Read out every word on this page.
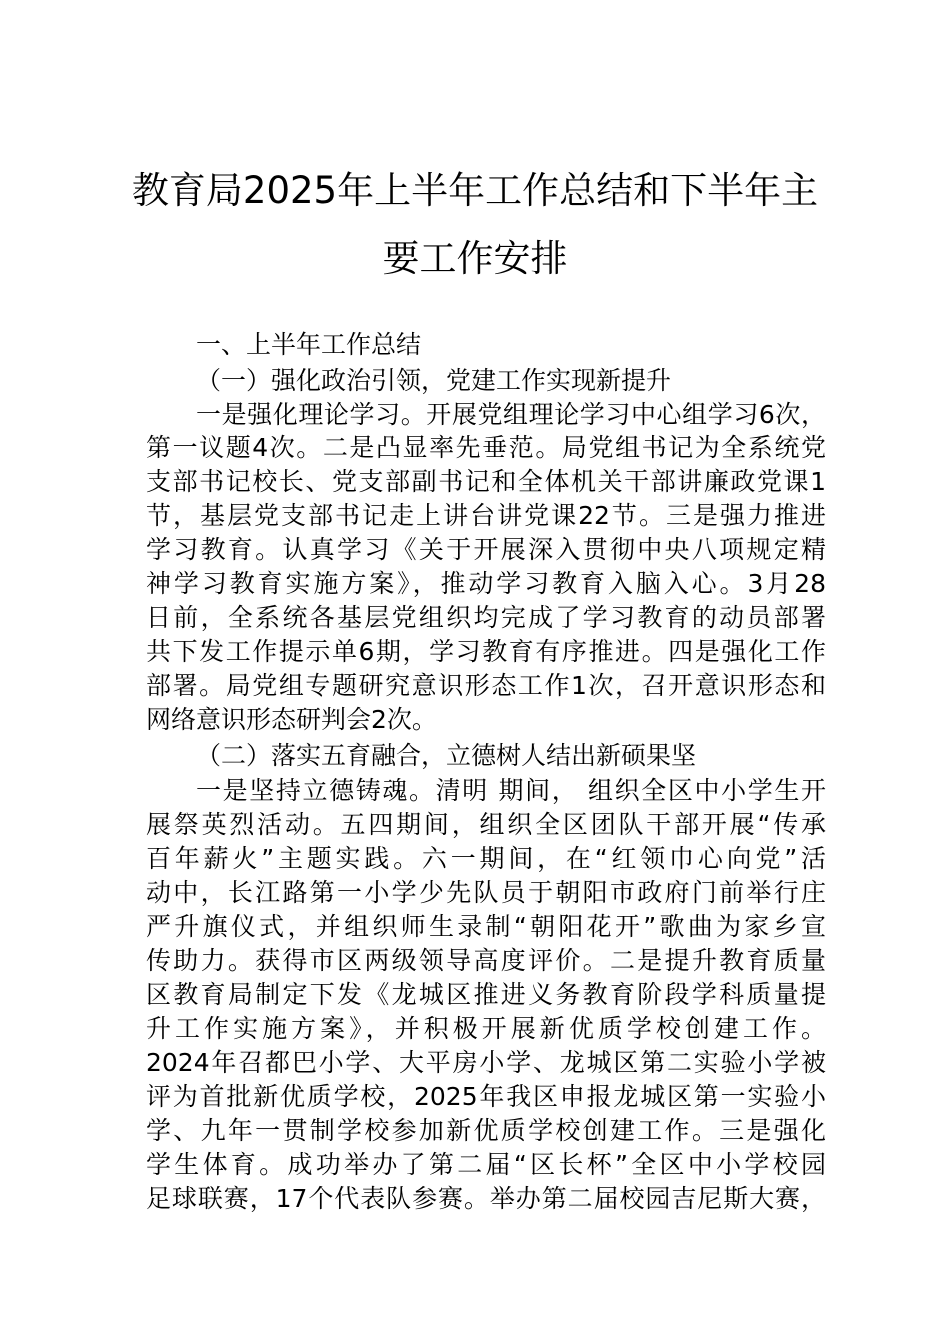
教育局2025年上半年工作总结和下半年主
要工作安排
一、上半年工作总结
（一）强化政治引领，党建工作实现新提升
一是强化理论学习。开展党组理论学习中心组学习6次，
第一议题4次。二是凸显率先垂范。局党组书记为全系统党
支部书记校长、党支部副书记和全体机关干部讲廉政党课1
节，基层党支部书记走上讲台讲党课22节。三是强力推进
学习教育。认真学习《关于开展深入贯彻中央八项规定精
神学习教育实施方案》，推动学习教育入脑入心。3月28
日前，全系统各基层党组织均完成了学习教育的动员部署
共下发工作提示单6期，学习教育有序推进。四是强化工作
部署。局党组专题研究意识形态工作1次，召开意识形态和
网络意识形态研判会2次。
（二）落实五育融合，立德树人结出新硕果坚
一是坚持立德铸魂。清明 期间， 组织全区中小学生开
展祭英烈活动。五四期间，组织全区团队干部开展“传承
百年薪火”主题实践。六一期间，在“红领巾心向党”活
动中，长江路第一小学少先队员于朝阳市政府门前举行庄
严升旗仪式，并组织师生录制“朝阳花开”歌曲为家乡宣
传助力。获得市区两级领导高度评价。二是提升教育质量
区教育局制定下发《龙城区推进义务教育阶段学科质量提
升工作实施方案》，并积极开展新优质学校创建工作。
2024年召都巴小学、大平房小学、龙城区第二实验小学被
评为首批新优质学校，2025年我区申报龙城区第一实验小
学、九年一贯制学校参加新优质学校创建工作。三是强化
学生体育。成功举办了第二届“区长杯”全区中小学校园
足球联赛，17个代表队参赛。举办第二届校园吉尼斯大赛，
